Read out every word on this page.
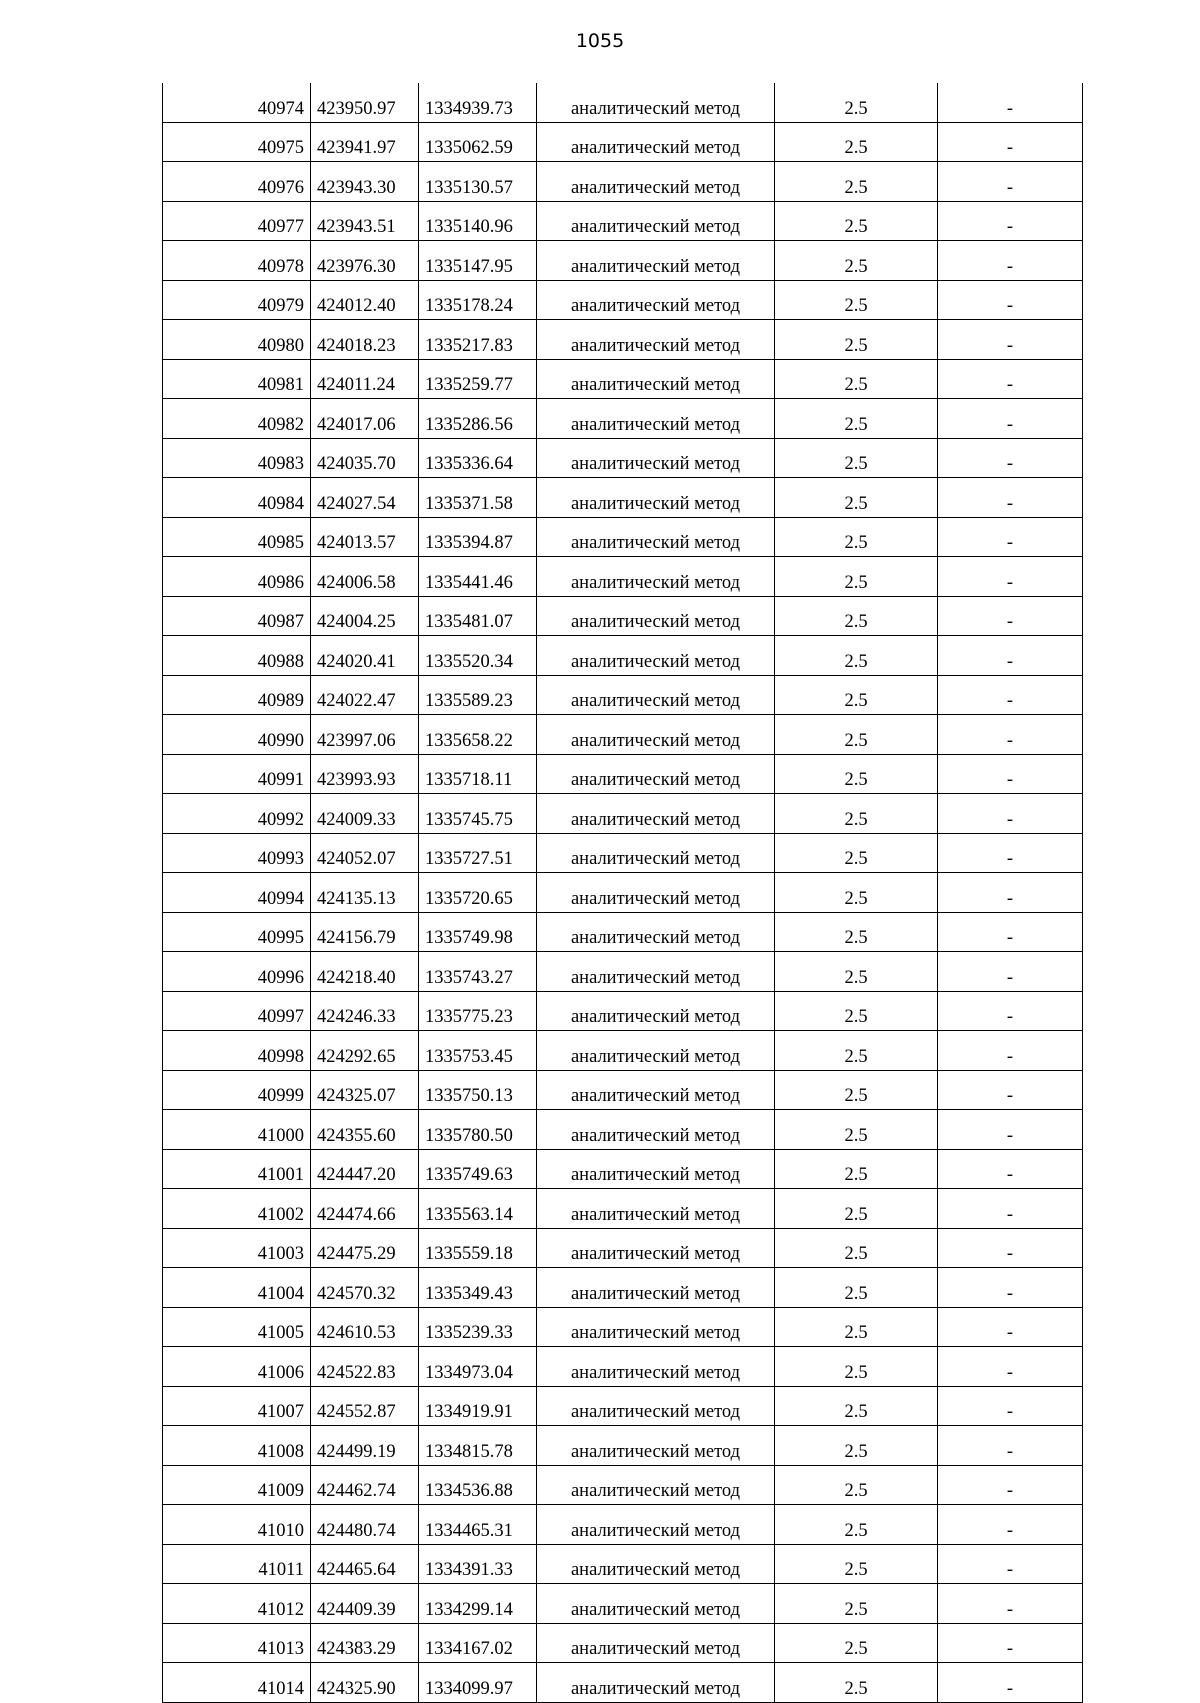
1055
40974	423950.97	1334939.73	аналитический метод	2.5	-
40975	423941.97	1335062.59	аналитический метод	2.5	-
40976	423943.30	1335130.57	аналитический метод	2.5	-
40977	423943.51	1335140.96	аналитический метод	2.5	-
40978	423976.30	1335147.95	аналитический метод	2.5	-
40979	424012.40	1335178.24	аналитический метод	2.5	-
40980	424018.23	1335217.83	аналитический метод	2.5	-
40981	424011.24	1335259.77	аналитический метод	2.5	-
40982	424017.06	1335286.56	аналитический метод	2.5	-
40983	424035.70	1335336.64	аналитический метод	2.5	-
40984	424027.54	1335371.58	аналитический метод	2.5	-
40985	424013.57	1335394.87	аналитический метод	2.5	-
40986	424006.58	1335441.46	аналитический метод	2.5	-
40987	424004.25	1335481.07	аналитический метод	2.5	-
40988	424020.41	1335520.34	аналитический метод	2.5	-
40989	424022.47	1335589.23	аналитический метод	2.5	-
40990	423997.06	1335658.22	аналитический метод	2.5	-
40991	423993.93	1335718.11	аналитический метод	2.5	-
40992	424009.33	1335745.75	аналитический метод	2.5	-
40993	424052.07	1335727.51	аналитический метод	2.5	-
40994	424135.13	1335720.65	аналитический метод	2.5	-
40995	424156.79	1335749.98	аналитический метод	2.5	-
40996	424218.40	1335743.27	аналитический метод	2.5	-
40997	424246.33	1335775.23	аналитический метод	2.5	-
40998	424292.65	1335753.45	аналитический метод	2.5	-
40999	424325.07	1335750.13	аналитический метод	2.5	-
41000	424355.60	1335780.50	аналитический метод	2.5	-
41001	424447.20	1335749.63	аналитический метод	2.5	-
41002	424474.66	1335563.14	аналитический метод	2.5	-
41003	424475.29	1335559.18	аналитический метод	2.5	-
41004	424570.32	1335349.43	аналитический метод	2.5	-
41005	424610.53	1335239.33	аналитический метод	2.5	-
41006	424522.83	1334973.04	аналитический метод	2.5	-
41007	424552.87	1334919.91	аналитический метод	2.5	-
41008	424499.19	1334815.78	аналитический метод	2.5	-
41009	424462.74	1334536.88	аналитический метод	2.5	-
41010	424480.74	1334465.31	аналитический метод	2.5	-
41011	424465.64	1334391.33	аналитический метод	2.5	-
41012	424409.39	1334299.14	аналитический метод	2.5	-
41013	424383.29	1334167.02	аналитический метод	2.5	-
41014	424325.90	1334099.97	аналитический метод	2.5	-
